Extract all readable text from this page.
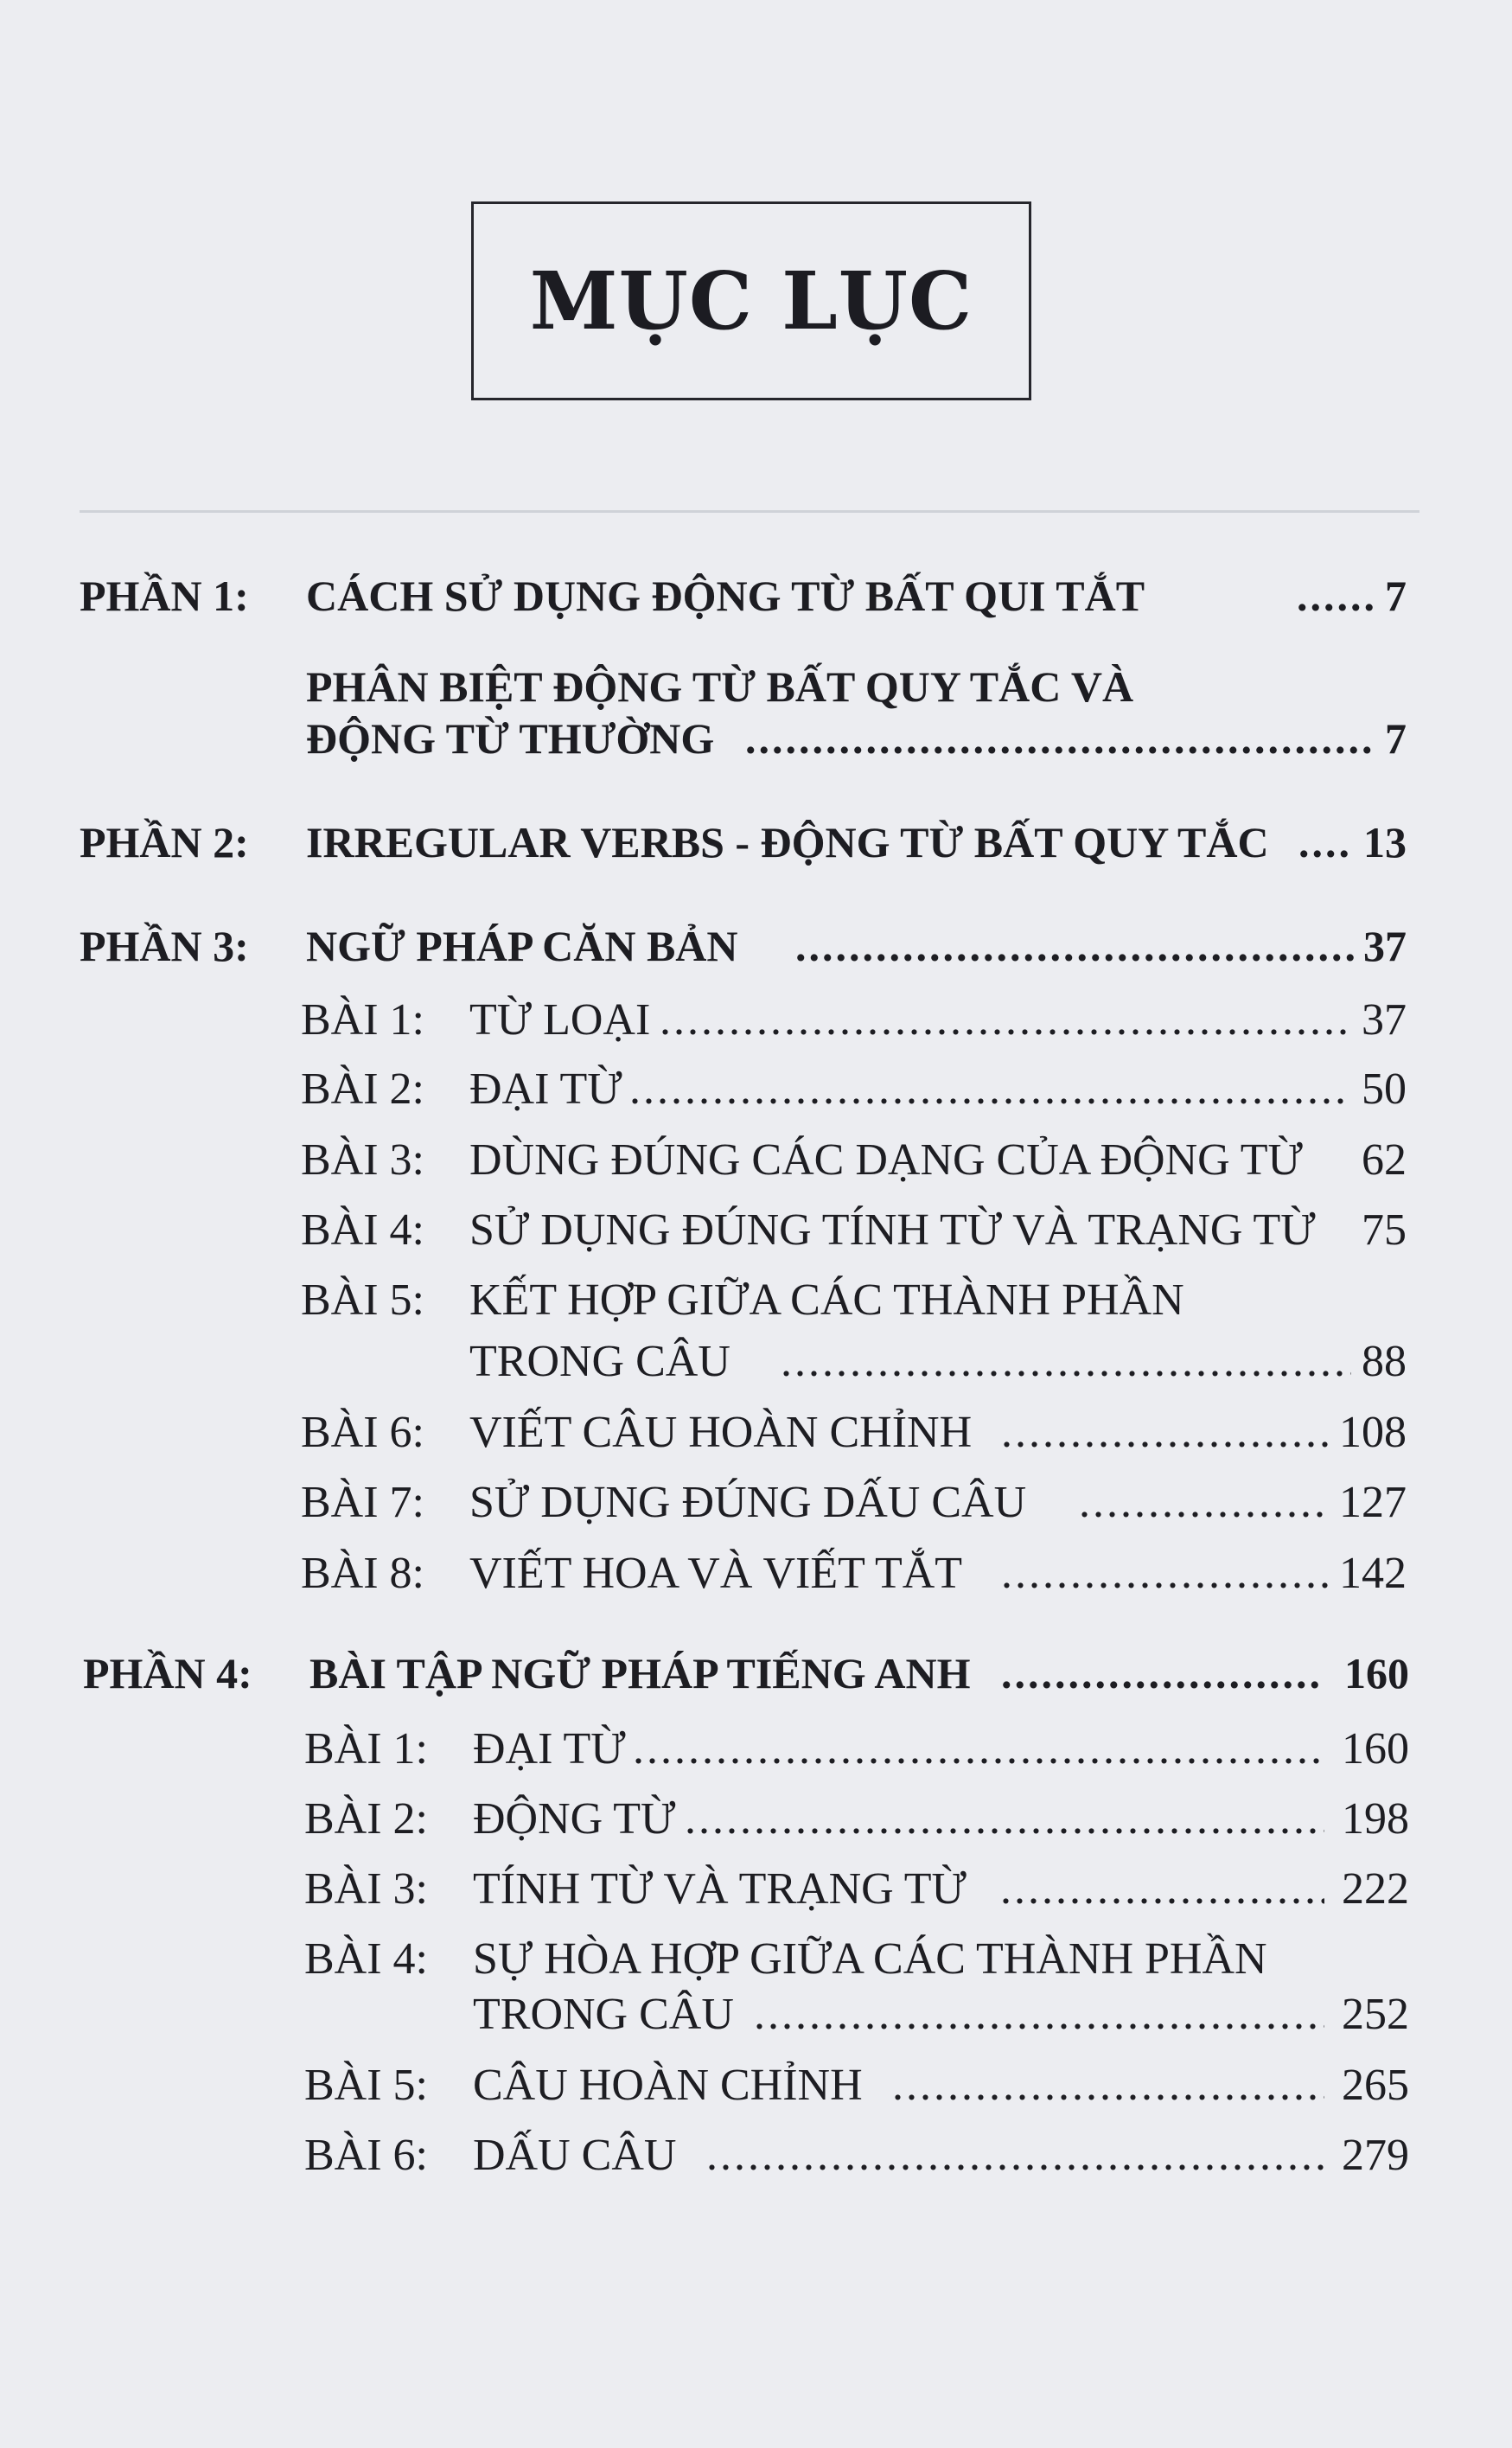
MỤC LỤC
PHẦN 1: CÁCH SỬ DỤNG ĐỘNG TỪ BẤT QUI TẮT .....	7
PHÂN BIỆT ĐỘNG TỪ BẤT QUY TẮC VÀ
ĐỘNG TỪ THƯỜNG .....	7
PHẦN 2: IRREGULAR VERBS - ĐỘNG TỪ BẤT QUY TẮC ..... 13
PHẦN 3: NGỮ PHÁP CĂN BẢN .....	37
BÀI 1: TỪ LOẠI .....	37
BÀI 2: ĐẠI TỪ .....	50
BÀI 3: DÙNG ĐÚNG CÁC DẠNG CỦA ĐỘNG TỪ 62
BÀI 4: SỬ DỤNG ĐÚNG TÍNH TỪ VÀ TRẠNG TỪ 75
BÀI 5: KẾT HỢP GIỮA CÁC THÀNH PHẦN
TRONG CÂU .....	88
BÀI 6: VIẾT CÂU HOÀN CHỈNH .....	108
BÀI 7: SỬ DỤNG ĐÚNG DẤU CÂU .....	127
BÀI 8: VIẾT HOA VÀ VIẾT TẮT .....	142
PHẦN 4: BÀI TẬP NGỮ PHÁP TIẾNG ANH .....	160
BÀI 1: ĐẠI TỪ .....	160
BÀI 2: ĐỘNG TỪ .....	198
BÀI 3: TÍNH TỪ VÀ TRẠNG TỪ .....	222
BÀI 4: SỰ HÒA HỢP GIỮA CÁC THÀNH PHẦN
TRONG CÂU .....	252
BÀI 5: CÂU HOÀN CHỈNH .....	265
BÀI 6: DẤU CÂU .....	279
